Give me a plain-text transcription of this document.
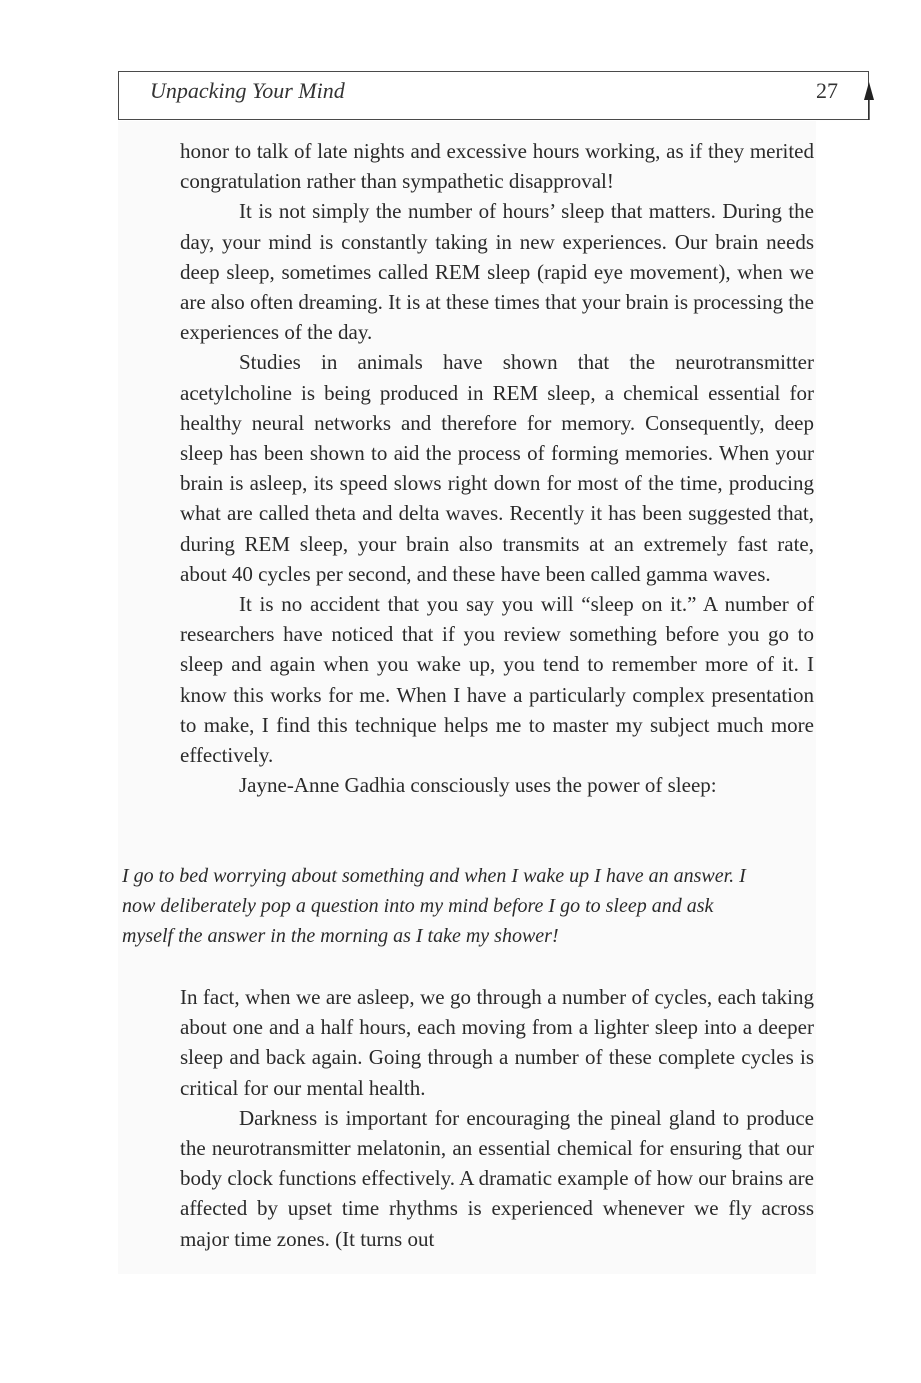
Unpacking Your Mind	27

honor to talk of late nights and excessive hours working, as if they merited congratulation rather than sympathetic disapproval!

It is not simply the number of hours’ sleep that matters. During the day, your mind is constantly taking in new experiences. Our brain needs deep sleep, sometimes called REM sleep (rapid eye movement), when we are also often dreaming. It is at these times that your brain is processing the experiences of the day.

Studies in animals have shown that the neurotransmitter acetylcholine is being produced in REM sleep, a chemical essential for healthy neural networks and therefore for memory. Consequently, deep sleep has been shown to aid the process of forming memories. When your brain is asleep, its speed slows right down for most of the time, producing what are called theta and delta waves. Recently it has been suggested that, during REM sleep, your brain also transmits at an extremely fast rate, about 40 cycles per second, and these have been called gamma waves.

It is no accident that you say you will “sleep on it.” A number of researchers have noticed that if you review something before you go to sleep and again when you wake up, you tend to remember more of it. I know this works for me. When I have a particularly complex presentation to make, I find this technique helps me to master my subject much more effectively.

Jayne-Anne Gadhia consciously uses the power of sleep:

I go to bed worrying about something and when I wake up I have an answer. I now deliberately pop a question into my mind before I go to sleep and ask myself the answer in the morning as I take my shower!

In fact, when we are asleep, we go through a number of cycles, each taking about one and a half hours, each moving from a lighter sleep into a deeper sleep and back again. Going through a number of these complete cycles is critical for our mental health.

Darkness is important for encouraging the pineal gland to produce the neurotransmitter melatonin, an essential chemical for ensuring that our body clock functions effectively. A dramatic example of how our brains are affected by upset time rhythms is experienced whenever we fly across major time zones. (It turns out
